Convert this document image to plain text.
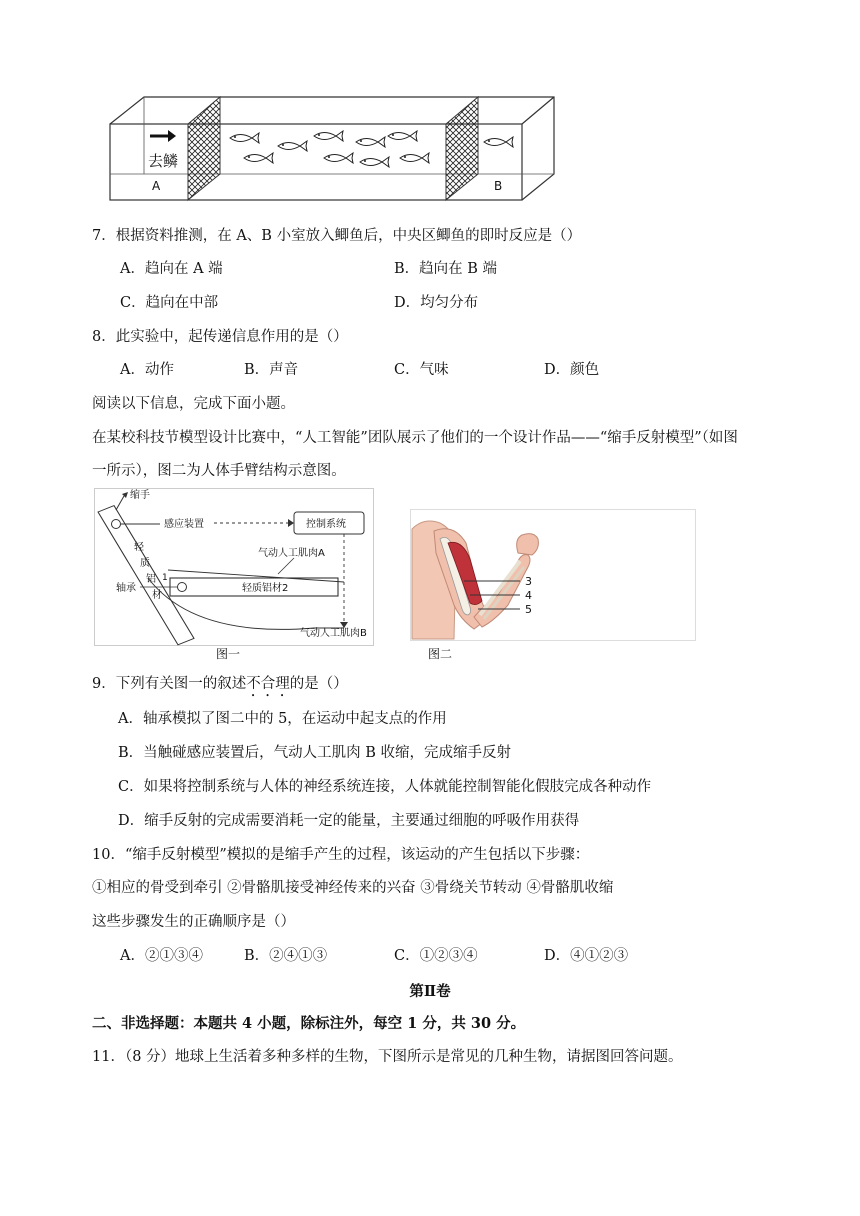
去鳞
A	B
7．根据资料推测，在 A、B 小室放入鲫鱼后，中央区鲫鱼的即时反应是（）
A．趋向在 A 端	B．趋向在 B 端
C．趋向在中部	D．均匀分布
8．此实验中，起传递信息作用的是（）
A．动作	B．声音	C．气味	D．颜色
阅读以下信息，完成下面小题。
在某校科技节模型设计比赛中，“人工智能”团队展示了他们的一个设计作品——“缩手反射模型”（如图
一所示），图二为人体手臂结构示意图。
缩手
感应装置	控制系统
轻
质
铝
材
1
气动人工肌肉A
轻质铝材2
轴承
气动人工肌肉B
图一
3
4
5
图二
9．下列有关图一的叙述不合理的是（）
A．轴承模拟了图二中的 5，在运动中起支点的作用
B．当触碰感应装置后，气动人工肌肉 B 收缩，完成缩手反射
C．如果将控制系统与人体的神经系统连接，人体就能控制智能化假肢完成各种动作
D．缩手反射的完成需要消耗一定的能量，主要通过细胞的呼吸作用获得
10．“缩手反射模型”模拟的是缩手产生的过程，该运动的产生包括以下步骤：
①相应的骨受到牵引 ②骨骼肌接受神经传来的兴奋 ③骨绕关节转动 ④骨骼肌收缩
这些步骤发生的正确顺序是（）
A．②①③④	B．②④①③	C．①②③④	D．④①②③
第Ⅱ卷
二、非选择题：本题共 4 小题，除标注外，每空 1 分，共 30 分。
11．（8 分）地球上生活着多种多样的生物，下图所示是常见的几种生物，请据图回答问题。
